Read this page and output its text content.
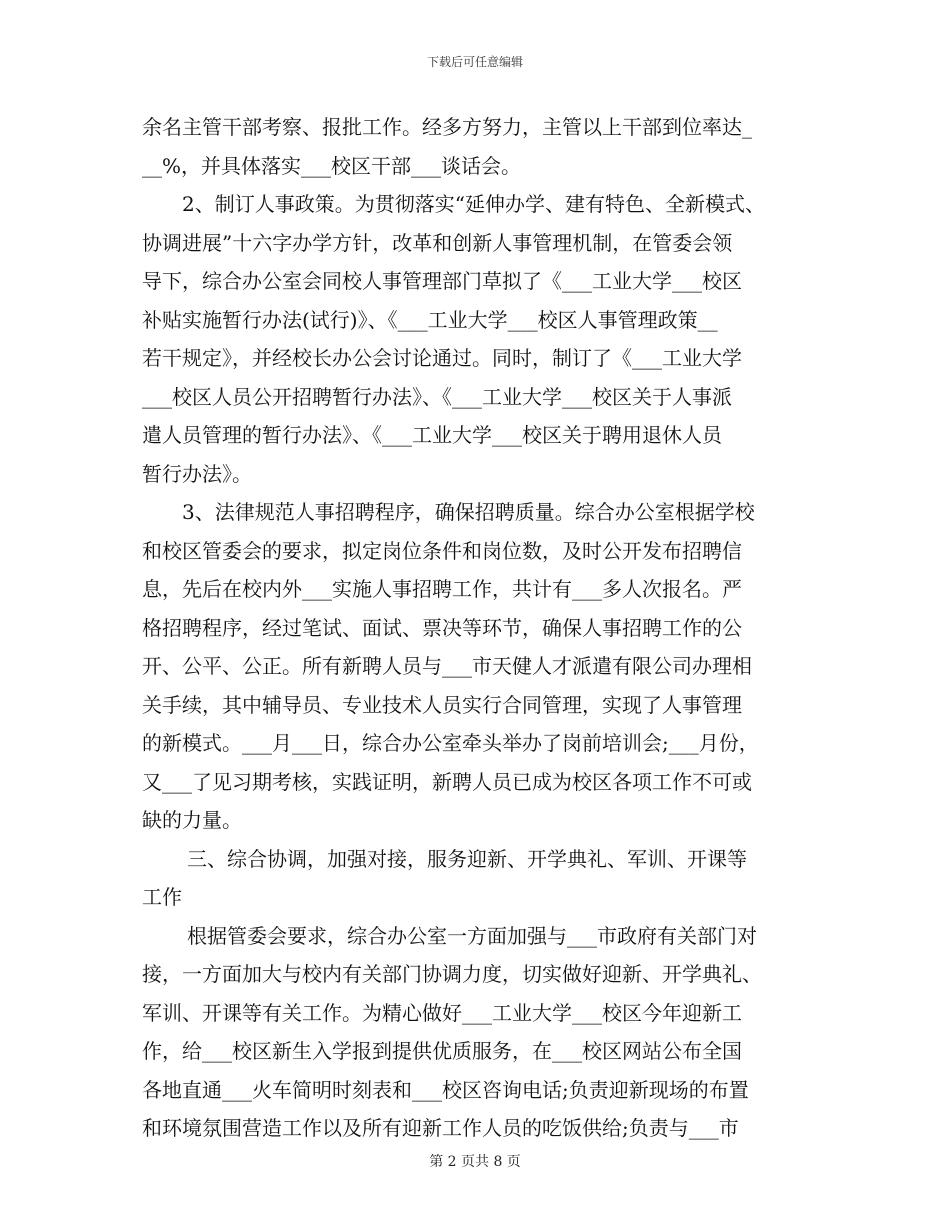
下载后可任意编辑
余名主管干部考察、报批工作。经多方努力，主管以上干部到位率达_
__%，并具体落实___校区干部___谈话会。
2、制订人事政策。为贯彻落实“延伸办学、建有特色、全新模式、
协调进展”十六字办学方针，改革和创新人事管理机制，在管委会领
导下，综合办公室会同校人事管理部门草拟了《___工业大学___校区
补贴实施暂行办法(试行)》、《___工业大学___校区人事管理政策__
若干规定》，并经校长办公会讨论通过。同时，制订了《___工业大学
___校区人员公开招聘暂行办法》、《___工业大学___校区关于人事派
遣人员管理的暂行办法》、《___工业大学___校区关于聘用退休人员
暂行办法》。
3、法律规范人事招聘程序，确保招聘质量。综合办公室根据学校
和校区管委会的要求，拟定岗位条件和岗位数，及时公开发布招聘信
息，先后在校内外___实施人事招聘工作，共计有___多人次报名。严
格招聘程序，经过笔试、面试、票决等环节，确保人事招聘工作的公
开、公平、公正。所有新聘人员与___市天健人才派遣有限公司办理相
关手续，其中辅导员、专业技术人员实行合同管理，实现了人事管理
的新模式。___月___日，综合办公室牵头举办了岗前培训会;___月份，
又___了见习期考核，实践证明，新聘人员已成为校区各项工作不可或
缺的力量。
三、综合协调，加强对接，服务迎新、开学典礼、军训、开课等
工作
根据管委会要求，综合办公室一方面加强与___市政府有关部门对
接，一方面加大与校内有关部门协调力度，切实做好迎新、开学典礼、
军训、开课等有关工作。为精心做好___工业大学___校区今年迎新工
作，给___校区新生入学报到提供优质服务，在___校区网站公布全国
各地直通___火车简明时刻表和___校区咨询电话;负责迎新现场的布置
和环境氛围营造工作以及所有迎新工作人员的吃饭供给;负责与___市
第 2 页共 8 页
